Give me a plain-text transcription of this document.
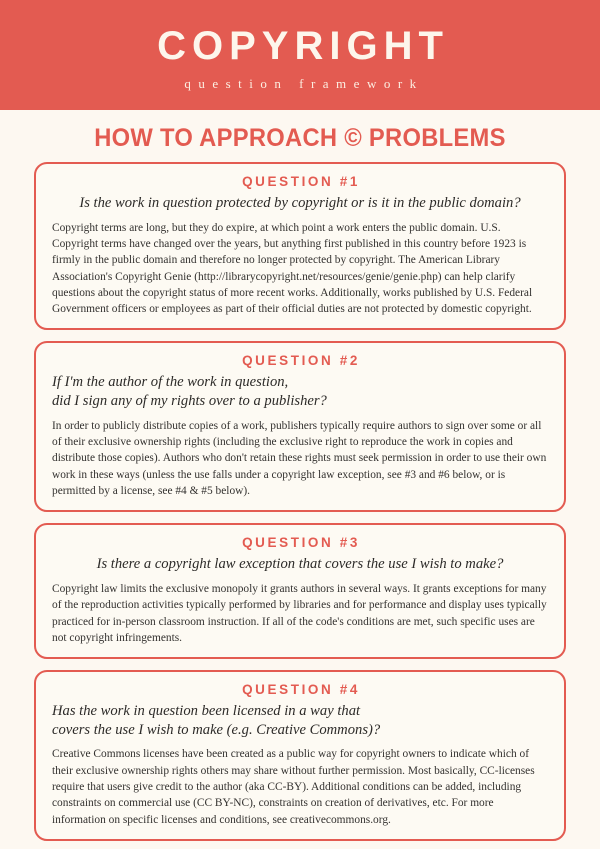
COPYRIGHT
question framework
HOW TO APPROACH © PROBLEMS
QUESTION #1
Is the work in question protected by copyright or is it in the public domain?
Copyright terms are long, but they do expire, at which point a work enters the public domain. U.S. Copyright terms have changed over the years, but anything first published in this country before 1923 is firmly in the public domain and therefore no longer protected by copyright. The American Library Association's Copyright Genie (http://librarycopyright.net/resources/genie/genie.php) can help clarify questions about the copyright status of more recent works. Additionally, works published by U.S. Federal Government officers or employees as part of their official duties are not protected by domestic copyright.
QUESTION #2
If I'm the author of the work in question,
did I sign any of my rights over to a publisher?
In order to publicly distribute copies of a work, publishers typically require authors to sign over some or all of their exclusive ownership rights (including the exclusive right to reproduce the work in copies and distribute those copies). Authors who don't retain these rights must seek permission in order to use their own work in these ways (unless the use falls under a copyright law exception, see #3 and #6 below, or is permitted by a license, see #4 & #5 below).
QUESTION #3
Is there a copyright law exception that covers the use I wish to make?
Copyright law limits the exclusive monopoly it grants authors in several ways. It grants exceptions for many of the reproduction activities typically performed by libraries and for performance and display uses typically practiced for in-person classroom instruction. If all of the code's conditions are met, such specific uses are not copyright infringements.
QUESTION #4
Has the work in question been licensed in a way that
covers the use I wish to make (e.g. Creative Commons)?
Creative Commons licenses have been created as a public way for copyright owners to indicate which of their exclusive ownership rights others may share without further permission. Most basically, CC-licenses require that users give credit to the author (aka CC-BY). Additional conditions can be added, including constraints on commercial use (CC BY-NC), constraints on creation of derivatives, etc. For more information on specific licenses and conditions, see creativecommons.org.
